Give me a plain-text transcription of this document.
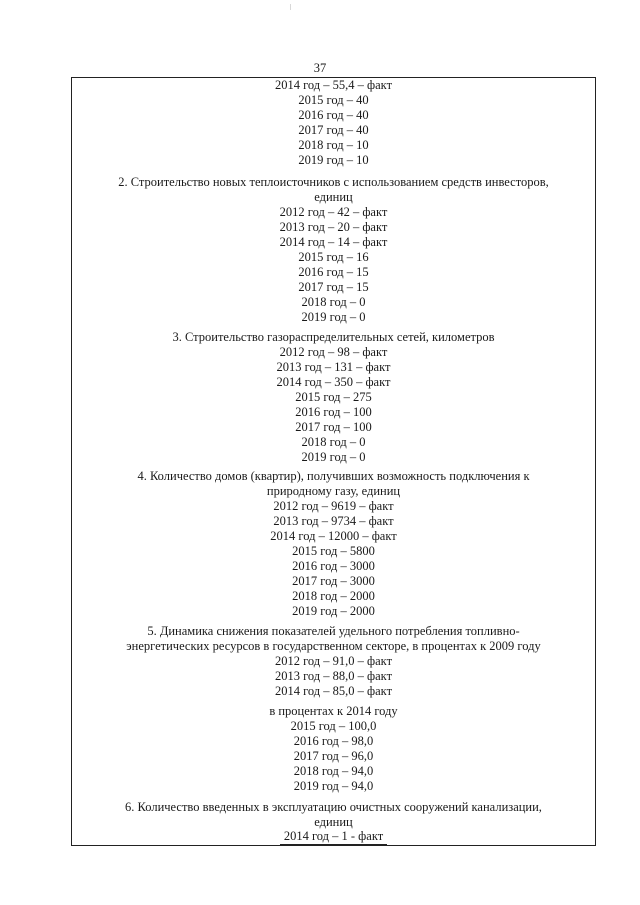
37
2014 год – 55,4 – факт
2015 год – 40
2016 год – 40
2017 год – 40
2018 год – 10
2019 год – 10
2. Строительство новых теплоисточников с использованием средств инвесторов,
единиц
2012 год – 42 – факт
2013 год – 20 – факт
2014 год – 14 – факт
2015 год – 16
2016 год – 15
2017 год – 15
2018 год – 0
2019 год – 0
3. Строительство газораспределительных сетей, километров
2012 год – 98 – факт
2013 год – 131 – факт
2014 год – 350 – факт
2015 год – 275
2016 год – 100
2017 год – 100
2018 год – 0
2019 год – 0
4. Количество домов (квартир), получивших возможность подключения к
природному газу, единиц
2012 год – 9619 – факт
2013 год – 9734 – факт
2014 год – 12000 – факт
2015 год – 5800
2016 год – 3000
2017 год – 3000
2018 год – 2000
2019 год – 2000
5. Динамика снижения показателей удельного потребления топливно-
энергетических ресурсов в государственном секторе, в процентах к 2009 году
2012 год – 91,0 – факт
2013 год – 88,0 – факт
2014 год – 85,0 – факт
в процентах к 2014 году
2015 год – 100,0
2016 год – 98,0
2017 год – 96,0
2018 год – 94,0
2019 год – 94,0
6. Количество введенных в эксплуатацию очистных сооружений канализации,
единиц
2014 год – 1 - факт
